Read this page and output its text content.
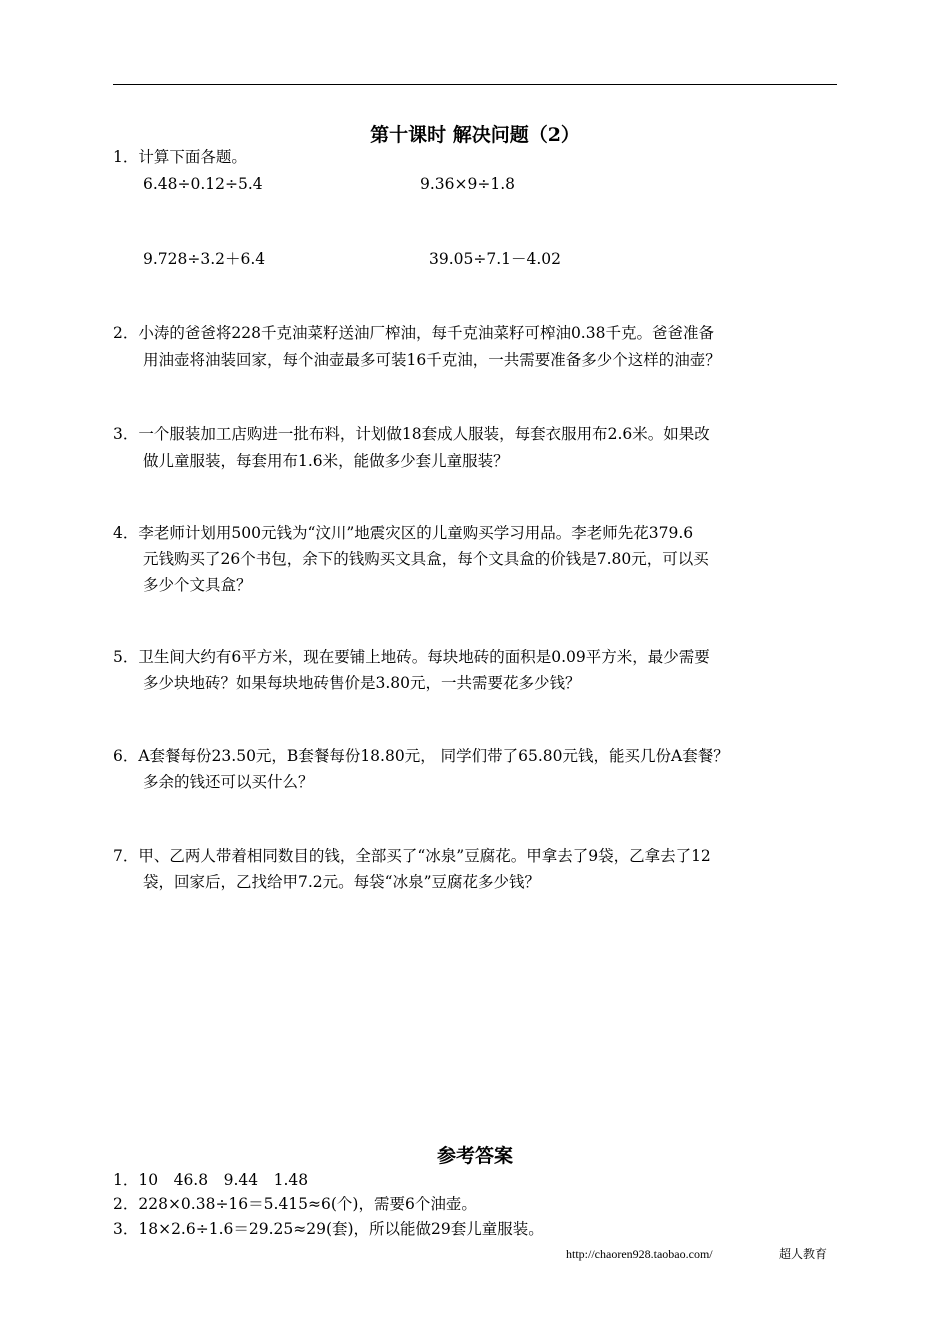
第十课时 解决问题（2）
1．计算下面各题。
6.48÷0.12÷5.4	9.36×9÷1.8
9.728÷3.2＋6.4	39.05÷7.1－4.02
2．小涛的爸爸将228千克油菜籽送油厂榨油，每千克油菜籽可榨油0.38千克。爸爸准备
用油壶将油装回家，每个油壶最多可装16千克油，一共需要准备多少个这样的油壶？
3．一个服装加工店购进一批布料，计划做18套成人服装，每套衣服用布2.6米。如果改
做儿童服装，每套用布1.6米，能做多少套儿童服装？
4．李老师计划用500元钱为“汶川”地震灾区的儿童购买学习用品。李老师先花379.6
元钱购买了26个书包，余下的钱购买文具盒，每个文具盒的价钱是7.80元，可以买
多少个文具盒？
5．卫生间大约有6平方米，现在要铺上地砖。每块地砖的面积是0.09平方米，最少需要
多少块地砖？如果每块地砖售价是3.80元，一共需要花多少钱？
6．A套餐每份23.50元，B套餐每份18.80元， 同学们带了65.80元钱，能买几份A套餐？
多余的钱还可以买什么？
7．甲、乙两人带着相同数目的钱，全部买了“冰泉”豆腐花。甲拿去了9袋，乙拿去了12
袋，回家后，乙找给甲7.2元。每袋“冰泉”豆腐花多少钱？
参考答案
1．10　46.8　9.44　1.48
2．228×0.38÷16＝5.415≈6(个)，需要6个油壶。
3．18×2.6÷1.6＝29.25≈29(套)，所以能做29套儿童服装。
http://chaoren928.taobao.com/	超人教育
